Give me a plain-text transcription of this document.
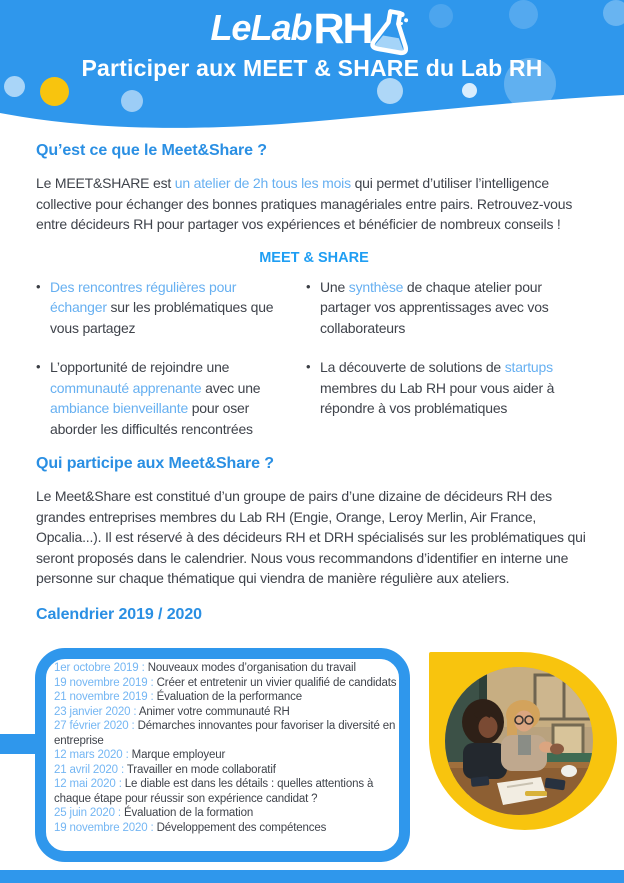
LeLab RH
Participer aux MEET & SHARE du Lab RH
Qu’est ce que le Meet&Share ?

Le MEET&SHARE est un atelier de 2h tous les mois qui permet d’utiliser l’intelligence collective pour échanger des bonnes pratiques managériales entre pairs. Retrouvez-vous entre décideurs RH pour partager vos expériences et bénéficier de nombreux conseils !

MEET & SHARE
• Des rencontres régulières pour échanger sur les problématiques que vous partagez
• Une synthèse de chaque atelier pour partager vos apprentissages avec vos collaborateurs
• L’opportunité de rejoindre une communauté apprenante avec une ambiance bienveillante pour oser aborder les difficultés rencontrées
• La découverte de solutions de startups membres du Lab RH pour vous aider à répondre à vos problématiques
Qui participe aux Meet&Share ?

Le Meet&Share est constitué d’un groupe de pairs d’une dizaine de décideurs RH des grandes entreprises membres du Lab RH (Engie, Orange, Leroy Merlin, Air France, Opcalia...). Il est réservé à des décideurs RH et DRH spécialisés sur les problématiques qui seront proposés dans le calendrier. Nous vous recommandons d’identifier en interne une personne sur chaque thématique qui viendra de manière régulière aux ateliers.

Calendrier 2019 / 2020
1er octobre 2019 : Nouveaux modes d’organisation du travail
19 novembre 2019 : Créer et entretenir un vivier qualifié de candidats
21 novembre 2019 : Évaluation de la performance
23 janvier 2020 : Animer votre communauté RH
27 février 2020 : Démarches innovantes pour favoriser la diversité en entreprise
12 mars 2020 : Marque employeur
21 avril 2020 : Travailler en mode collaboratif
12 mai 2020 : Le diable est dans les détails : quelles attentions à chaque étape pour réussir son expérience candidat ?
25 juin 2020 : Évaluation de la formation
19 novembre 2020 : Développement des compétences
